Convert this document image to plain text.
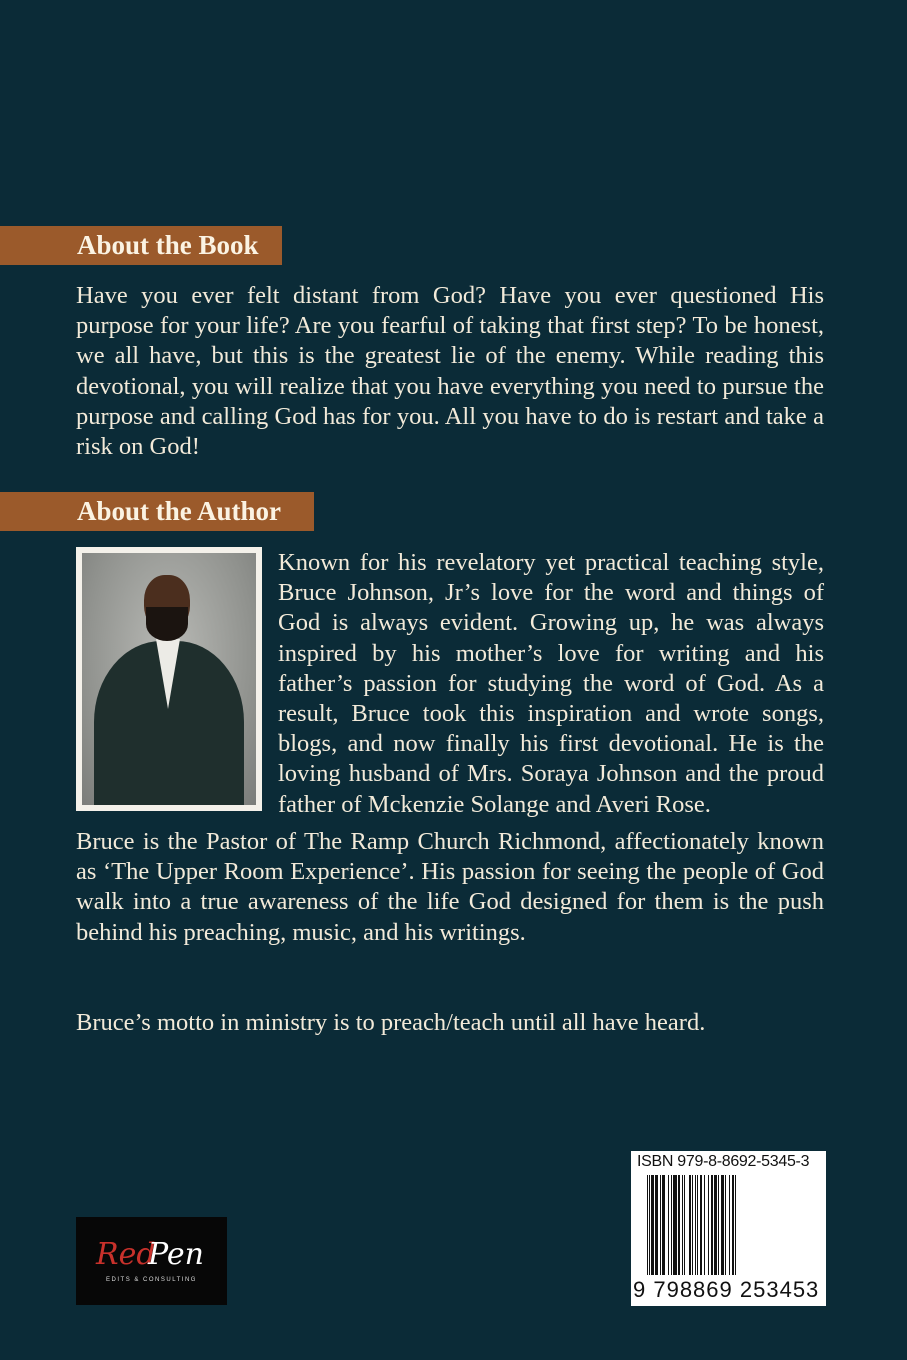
About the Book

Have you ever felt distant from God? Have you ever questioned His purpose for your life? Are you fearful of taking that first step? To be honest, we all have, but this is the greatest lie of the enemy. While reading this devotional, you will realize that you have everything you need to pursue the purpose and calling God has for you. All you have to do is restart and take a risk on God!

About the Author

Known for his revelatory yet practical teaching style, Bruce Johnson, Jr’s love for the word and things of God is always evident. Growing up, he was always inspired by his mother’s love for writing and his father’s passion for studying the word of God. As a result, Bruce took this inspiration and wrote songs, blogs, and now finally his first devotional. He is the loving husband of Mrs. Soraya Johnson and the proud father of Mckenzie Solange and Averi Rose.

Bruce is the Pastor of The Ramp Church Richmond, affectionately known as ‘The Upper Room Experience’. His passion for seeing the people of God walk into a true awareness of the life God designed for them is the push behind his preaching, music, and his writings.

Bruce’s motto in ministry is to preach/teach until all have heard.

Red
Pen
EDITS & CONSULTING
ISBN 979-8-8692-5345-3
9 798869 253453
